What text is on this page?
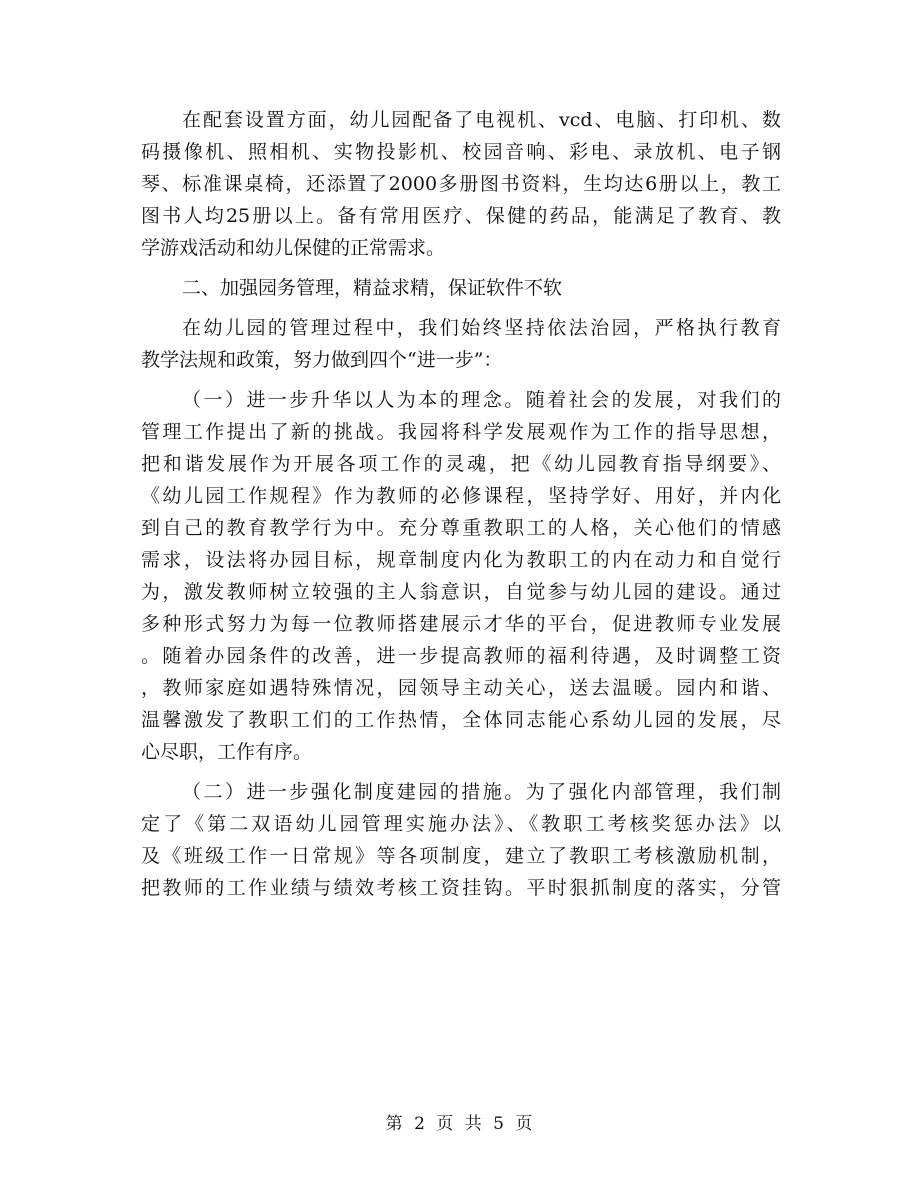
在配套设置方面，幼儿园配备了电视机、vcd、电脑、打印机、数
码摄像机、照相机、实物投影机、校园音响、彩电、录放机、电子钢
琴、标准课桌椅，还添置了2000多册图书资料，生均达6册以上，教工
图书人均25册以上。备有常用医疗、保健的药品，能满足了教育、教
学游戏活动和幼儿保健的正常需求。
二、加强园务管理，精益求精，保证软件不软
在幼儿园的管理过程中，我们始终坚持依法治园，严格执行教育
教学法规和政策，努力做到四个“进一步”：
（一）进一步升华以人为本的理念。随着社会的发展，对我们的
管理工作提出了新的挑战。我园将科学发展观作为工作的指导思想，
把和谐发展作为开展各项工作的灵魂，把《幼儿园教育指导纲要》、
《幼儿园工作规程》作为教师的必修课程，坚持学好、用好，并内化
到自己的教育教学行为中。充分尊重教职工的人格，关心他们的情感
需求，设法将办园目标，规章制度内化为教职工的内在动力和自觉行
为，激发教师树立较强的主人翁意识，自觉参与幼儿园的建设。通过
多种形式努力为每一位教师搭建展示才华的平台，促进教师专业发展
。随着办园条件的改善，进一步提高教师的福利待遇，及时调整工资
，教师家庭如遇特殊情况，园领导主动关心，送去温暖。园内和谐、
温馨激发了教职工们的工作热情，全体同志能心系幼儿园的发展，尽
心尽职，工作有序。
（二）进一步强化制度建园的措施。为了强化内部管理，我们制
定了《第二双语幼儿园管理实施办法》、《教职工考核奖惩办法》以
及《班级工作一日常规》等各项制度，建立了教职工考核激励机制，
把教师的工作业绩与绩效考核工资挂钩。平时狠抓制度的落实，分管
第 2 页 共 5 页
